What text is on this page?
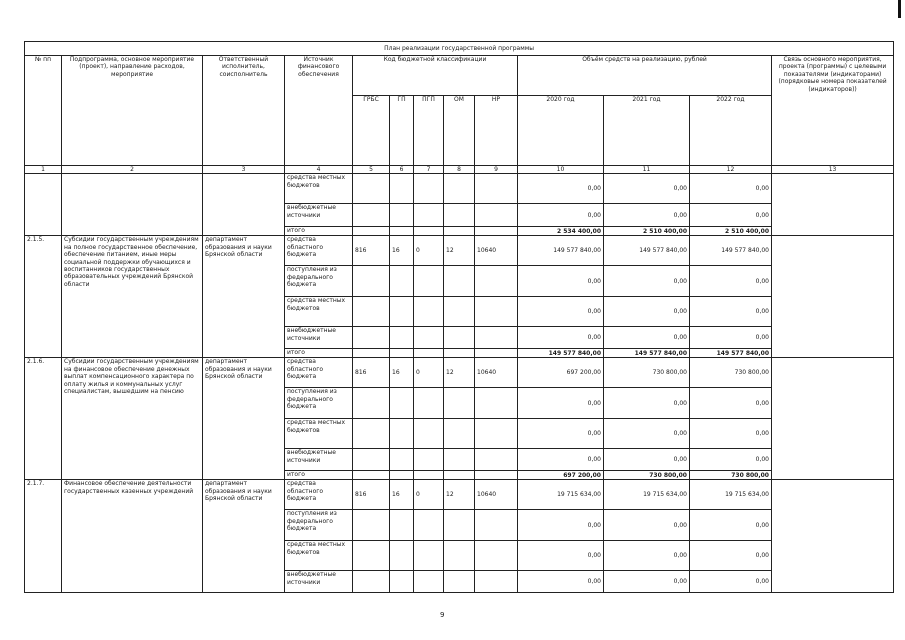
План реализации государственной программы												
№ пп	Подпрограмма, основное мероприятие (проект), направление расходов, мероприятие	Ответственный исполнитель, соисполнитель	Источник финансового обеспечения	Код бюджетной классификации					Объём средств на реализацию, рублей			Связь основного мероприятия, проекта (программы) с целевыми показателями (индикаторами) (порядковые номера показателей (индикаторов))
				ГРБС	ГП	ПГП	ОМ	НР	2020 год	2021 год	2022 год	
1	2	3	4	5	6	7	8	9	10	11	12	13
			средства местных бюджетов						0,00	0,00	0,00	
			внебюджетные источники						0,00	0,00	0,00	
			итого						2 534 400,00	2 510 400,00	2 510 400,00	
2.1.5.	Субсидии государственным учреждениям на полное государственное обеспечение, обеспечение питанием, иные меры социальной поддержки обучающихся и воспитанников государственных образовательных учреждений Брянской области	департамент образования и науки Брянской области	средства областного бюджета	816	16	0	12	10640	149 577 840,00	149 577 840,00	149 577 840,00	
			поступления из федерального бюджета						0,00	0,00	0,00	
			средства местных бюджетов						0,00	0,00	0,00	
			внебюджетные источники						0,00	0,00	0,00	
			итого						149 577 840,00	149 577 840,00	149 577 840,00	
2.1.6.	Субсидии государственным учреждениям на финансовое обеспечение денежных выплат компенсационного характера по оплату жилья и коммунальных услуг специалистам, вышедшим на пенсию	департамент образования и науки Брянской области	средства областного бюджета	816	16	0	12	10640	697 200,00	730 800,00	730 800,00	
			поступления из федерального бюджета						0,00	0,00	0,00	
			средства местных бюджетов						0,00	0,00	0,00	
			внебюджетные источники						0,00	0,00	0,00	
			итого						697 200,00	730 800,00	730 800,00	
2.1.7.	Финансовое обеспечение деятельности государственных казенных учреждений	департамент образования и науки Брянской области	средства областного бюджета	816	16	0	12	10640	19 715 634,00	19 715 634,00	19 715 634,00	
			поступления из федерального бюджета						0,00	0,00	0,00	
			средства местных бюджетов						0,00	0,00	0,00	
			внебюджетные источники						0,00	0,00	0,00	
9
